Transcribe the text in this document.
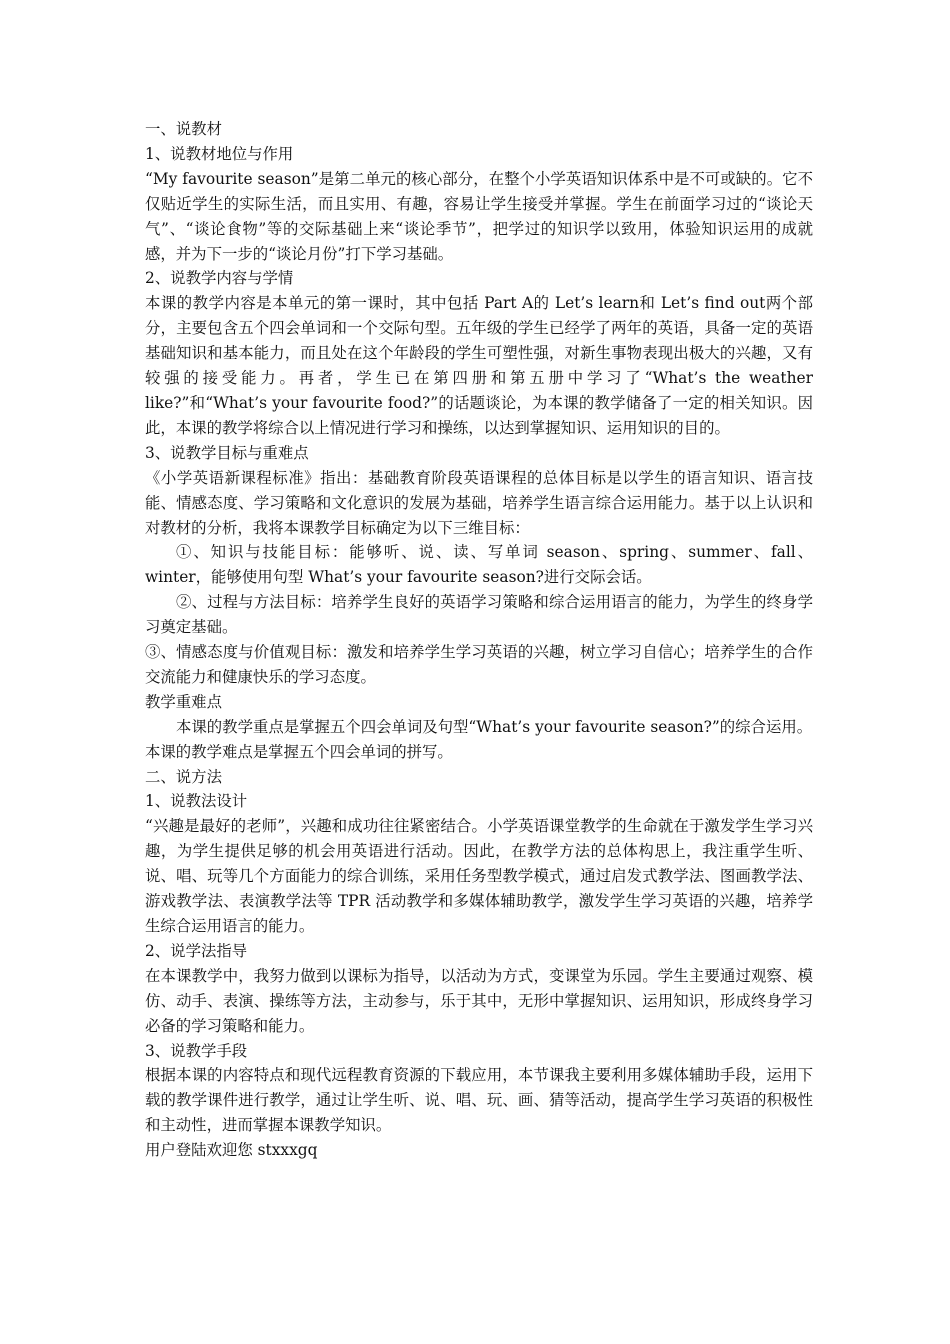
一、说教材

1、说教材地位与作用

“My favourite season”是第二单元的核心部分，在整个小学英语知识体系中是不可或缺的。它不仅贴近学生的实际生活，而且实用、有趣，容易让学生接受并掌握。学生在前面学习过的“谈论天气”、“谈论食物”等的交际基础上来“谈论季节”，把学过的知识学以致用，体验知识运用的成就感，并为下一步的“谈论月份”打下学习基础。

2、说教学内容与学情

本课的教学内容是本单元的第一课时，其中包括 Part A的 Let’s learn和 Let’s find out两个部分，主要包含五个四会单词和一个交际句型。五年级的学生已经学了两年的英语，具备一定的英语基础知识和基本能力，而且处在这个年龄段的学生可塑性强，对新生事物表现出极大的兴趣，又有较强的接受能力。再者，学生已在第四册和第五册中学习了“What’s the weather like?”和“What’s your favourite food?”的话题谈论，为本课的教学储备了一定的相关知识。因此，本课的教学将综合以上情况进行学习和操练，以达到掌握知识、运用知识的目的。

3、说教学目标与重难点

《小学英语新课程标准》指出：基础教育阶段英语课程的总体目标是以学生的语言知识、语言技能、情感态度、学习策略和文化意识的发展为基础，培养学生语言综合运用能力。基于以上认识和对教材的分析，我将本课教学目标确定为以下三维目标：

①、知识与技能目标：能够听、说、读、写单词 season、spring、summer、fall、winter，能够使用句型 What’s your favourite season?进行交际会话。

②、过程与方法目标：培养学生良好的英语学习策略和综合运用语言的能力，为学生的终身学习奠定基础。

③、情感态度与价值观目标：激发和培养学生学习英语的兴趣，树立学习自信心；培养学生的合作交流能力和健康快乐的学习态度。

教学重难点

本课的教学重点是掌握五个四会单词及句型“What’s your favourite season?”的综合运用。

本课的教学难点是掌握五个四会单词的拼写。

二、说方法

1、说教法设计

“兴趣是最好的老师”，兴趣和成功往往紧密结合。小学英语课堂教学的生命就在于激发学生学习兴趣，为学生提供足够的机会用英语进行活动。因此，在教学方法的总体构思上，我注重学生听、说、唱、玩等几个方面能力的综合训练，采用任务型教学模式，通过启发式教学法、图画教学法、游戏教学法、表演教学法等 TPR 活动教学和多媒体辅助教学，激发学生学习英语的兴趣，培养学生综合运用语言的能力。

2、说学法指导

在本课教学中，我努力做到以课标为指导，以活动为方式，变课堂为乐园。学生主要通过观察、模仿、动手、表演、操练等方法，主动参与，乐于其中，无形中掌握知识、运用知识，形成终身学习必备的学习策略和能力。

3、说教学手段

根据本课的内容特点和现代远程教育资源的下载应用，本节课我主要利用多媒体辅助手段，运用下载的教学课件进行教学，通过让学生听、说、唱、玩、画、猜等活动，提高学生学习英语的积极性和主动性，进而掌握本课教学知识。

用户登陆欢迎您 stxxxgq
